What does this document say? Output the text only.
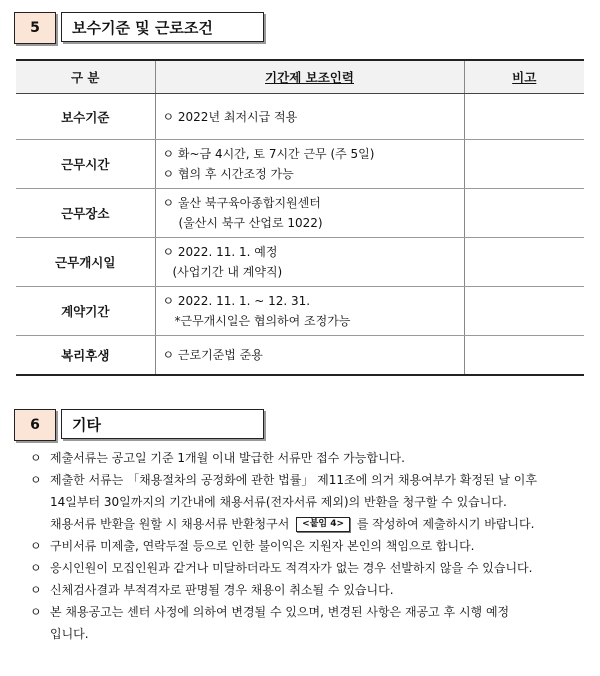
5	보수기준 및 근로조건
구 분	기간제 보조인력	비고
보수기준	ㅇ 2022년 최저시급 적용	

근무시간	ㅇ 화~금 4시간, 토 7시간 근무 (주 5일)
ㅇ 협의 후 시간조정 가능	

근무장소	ㅇ 울산 북구육아종합지원센터
(울산시 북구 산업로 1022)	

근무개시일	ㅇ 2022. 11. 1. 예정
(사업기간 내 계약직)	

계약기간	ㅇ 2022. 11. 1. ~ 12. 31.
*근무개시일은 협의하여 조정가능	

복리후생	ㅇ 근로기준법 준용	

6	기타
ㅇ 제출서류는 공고일 기준 1개월 이내 발급한 서류만 접수 가능합니다.
ㅇ 제출한 서류는 「채용절차의 공정화에 관한 법률」 제11조에 의거 채용여부가 확정된 날 이후
14일부터 30일까지의 기간내에 채용서류(전자서류 제외)의 반환을 청구할 수 있습니다.
채용서류 반환을 원할 시 채용서류 반환청구서 <붙임 4> 를 작성하여 제출하시기 바랍니다.
ㅇ 구비서류 미제출, 연락두절 등으로 인한 불이익은 지원자 본인의 책임으로 합니다.
ㅇ 응시인원이 모집인원과 같거나 미달하더라도 적격자가 없는 경우 선발하지 않을 수 있습니다.
ㅇ 신체검사결과 부적격자로 판명될 경우 채용이 취소될 수 있습니다.
ㅇ 본 채용공고는 센터 사정에 의하여 변경될 수 있으며, 변경된 사항은 재공고 후 시행 예정
입니다.
